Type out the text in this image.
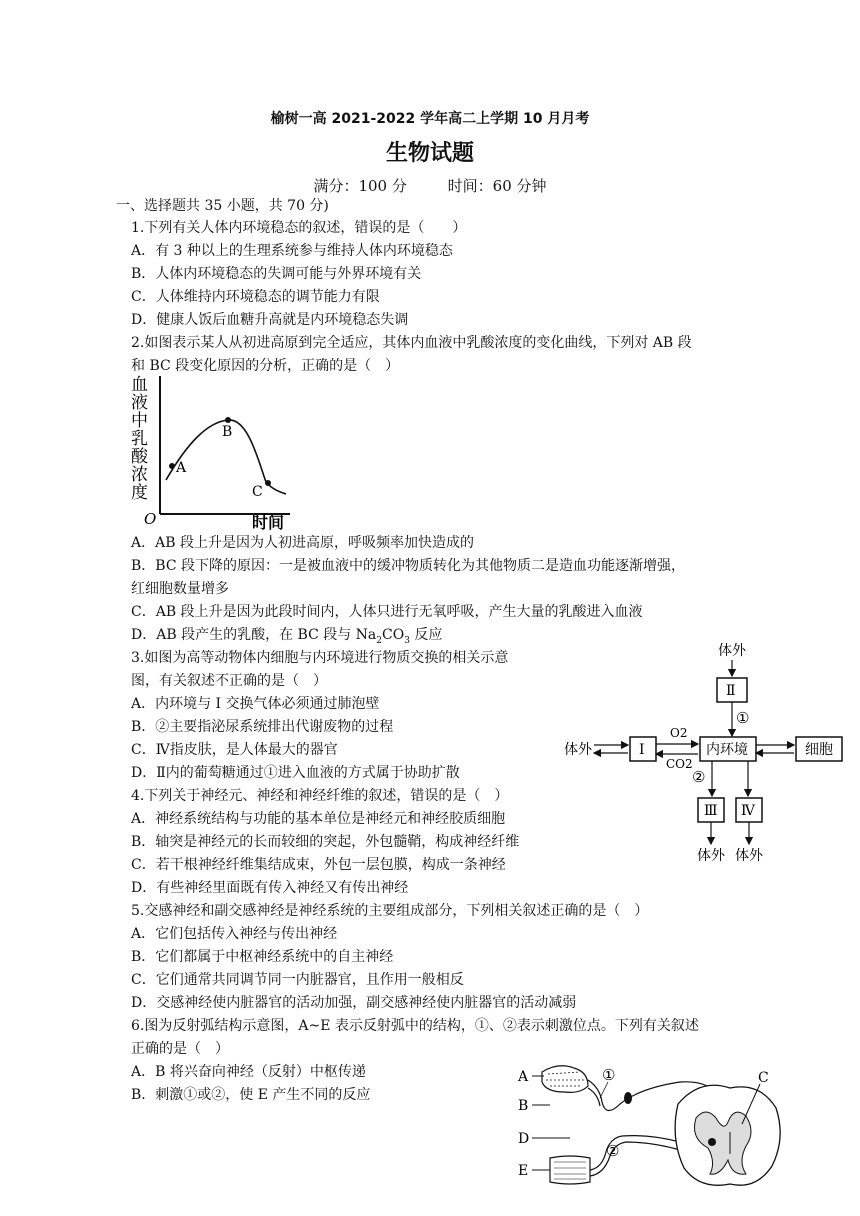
榆树一高 2021-2022 学年高二上学期 10 月月考
生物试题
满分：100 分	时间：60 分钟
一、选择题共 35 小题，共 70 分)
1.下列有关人体内环境稳态的叙述，错误的是（　　）
A．有 3 种以上的生理系统参与维持人体内环境稳态
B．人体内环境稳态的失调可能与外界环境有关
C．人体维持内环境稳态的调节能力有限
D．健康人饭后血糖升高就是内环境稳态失调
2.如图表示某人从初进高原到完全适应，其体内血液中乳酸浓度的变化曲线，下列对 AB 段
和 BC 段变化原因的分析，正确的是（　）
血
液
中
乳
酸
浓
度
O	时间
A
B
C
A．AB 段上升是因为人初进高原，呼吸频率加快造成的
B．BC 段下降的原因：一是被血液中的缓冲物质转化为其他物质二是造血功能逐渐增强，
红细胞数量增多
C．AB 段上升是因为此段时间内，人体只进行无氧呼吸，产生大量的乳酸进入血液
D．AB 段产生的乳酸，在 BC 段与 $Na_2CO_3$ 反应
3.如图为高等动物体内细胞与内环境进行物质交换的相关示意
图，有关叙述不正确的是（　）
A．内环境与 I 交换气体必须通过肺泡壁
B．②主要指泌尿系统排出代谢废物的过程
C．Ⅳ指皮肤，是人体最大的器官
D．Ⅱ内的葡萄糖通过①进入血液的方式属于协助扩散
体外
Ⅱ
①
体外	Ⅰ
O2
CO2
内环境	细胞
②
Ⅲ
体外
Ⅳ
体外
4.下列关于神经元、神经和神经纤维的叙述，错误的是（　）
A．神经系统结构与功能的基本单位是神经元和神经胶质细胞
B．轴突是神经元的长而较细的突起，外包髓鞘，构成神经纤维
C．若干根神经纤维集结成束，外包一层包膜，构成一条神经
D．有些神经里面既有传入神经又有传出神经
5.交感神经和副交感神经是神经系统的主要组成部分，下列相关叙述正确的是（　）
A．它们包括传入神经与传出神经
B．它们都属于中枢神经系统中的自主神经
C．它们通常共同调节同一内脏器官，且作用一般相反
D．交感神经使内脏器官的活动加强，副交感神经使内脏器官的活动减弱
6.图为反射弧结构示意图，A~E 表示反射弧中的结构，①、②表示刺激位点。下列有关叙述
正确的是（　）
A．B 将兴奋向神经（反射）中枢传递
B．刺激①或②，使 E 产生不同的反应
A
B
D
E
①
②
C
